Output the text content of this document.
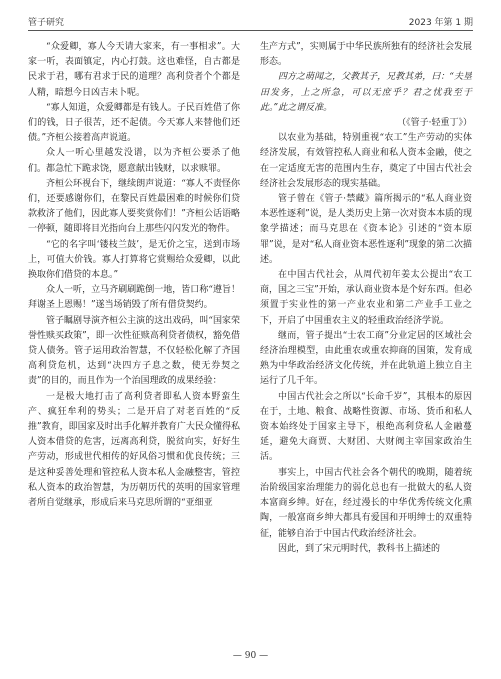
管子研究	2023 年第 1 期

“众爱卿，寡人今天请大家来，有一事相求”。大家一听，表面镇定，内心打鼓。这也难怪，自古都是民求于君，哪有君求于民的道理？高利贷者个个都是人精，暗想今日凶吉未卜呢。

“寡人知道，众爱卿都是有钱人。子民百姓借了你们的钱，日子很苦，还不起债。今天寡人来替他们还债。”齐桓公接着高声说道。

众人一听心里越发没谱，以为齐桓公要杀了他们。都急忙下跪求饶，愿意献出钱财，以求赎罪。

齐桓公环视台下，继续朗声说道：“寡人不责怪你们，还要感谢你们，在黎民百姓最困难的时候你们贷款救济了他们，因此寡人要奖赏你们！”齐桓公话语略一停顿，随即将目光指向台上那些闪闪发光的物件。

“它的名字叫‘镂枝兰鼓’，是无价之宝，送到市场上，可值大价钱。寡人打算将它赏赐给众爱卿，以此换取你们借贷的本息。”

众人一听，立马齐刷刷跪倒一地，皆口称“遵旨！拜谢圣上恩赐！”遂当场销毁了所有借贷契约。

管子瞩剧导演齐桓公主演的这出戏码，叫“国家荣誉性赎买政策”，即一次性征赎高利贷者债权，豁免借贷人债务。管子运用政治智慧，不仅轻松化解了齐国高利贷危机，达到“决四方子息之数，使无券契之责”的目的，而且作为一个治国理政的成果经验：

一是极大地打击了高利贷者即私人资本野蛮生产、疯狂牟利的势头；二是开启了对老百姓的“反推”教育，即国家及时出手化解并教育广大民众懂得私人资本借贷的危害，远离高利贷，脱贫向实，好好生产劳动，形成世代相传的好风俗习惯和优良传统；三是这种妥善处理和管控私人资本私人金融整害，管控私人资本的政治智慧，为历朝历代的英明的国家管理者所自觉继承，形成后来马克思所谓的“亚细亚

生产方式”，实则属于中华民族所独有的经济社会发展形态。

四方之萌闻之，父教其子，兄教其弟，曰：“夫垦田发务，上之所急，可以无庶乎？君之忧我至于此。”此之谓反准。

（《管子·轻重丁》）

以农业为基础，特别重视“农工”生产劳动的实体经济发展，有效管控私人商业和私人资本金融，使之在一定适度无害的范围内生存，奠定了中国古代社会经济社会发展形态的现实基础。

管子曾在《管子·禁藏》篇所揭示的“私人商业资本恶性逐利”说，是人类历史上第一次对资本本质的现象学描述；而马克思在《资本论》引述的“资本原罪”说，是对“私人商业资本恶性逐利”现象的第二次描述。

在中国古代社会，从周代初年姜太公提出“农工商，国之三宝”开始，承认商业资本是个好东西。但必须置于实业性的第一产业农业和第二产业手工业之下，开启了中国重农主义的轻重政治经济学说。

继而，管子提出“士农工商”分业定居的区域社会经济治理模型，由此重农或重农抑商的国策，发育成熟为中华政治经济文化传统，并在此轨道上独立自主运行了几千年。

中国古代社会之所以“长命千岁”，其根本的原因在于，土地、粮食、战略性资源、市场、货币和私人资本始终处于国家主导下，根绝高利贷私人金融蔓延，避免大商贾、大财团、大财阀主宰国家政治生活。

事实上，中国古代社会各个朝代的晚期，随着统治阶级国家治理能力的弱化总也有一批做大的私人资本富商乡绅。好在，经过漫长的中华优秀传统文化熏陶，一般富商乡绅大都具有爱国和开明绅士的双重特征，能够自治于中国古代政治经济社会。

因此，到了宋元明时代，教科书上描述的

— 90 —
